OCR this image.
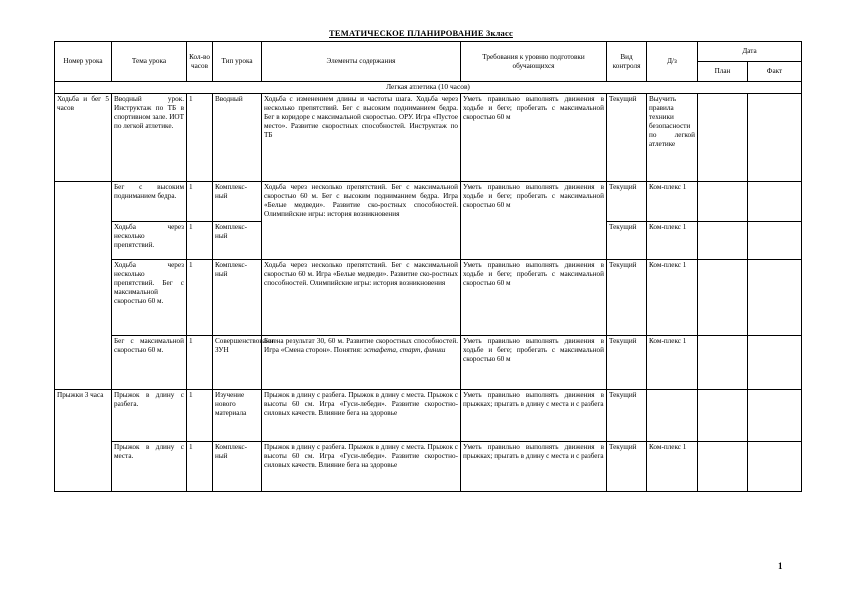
ТЕМАТИЧЕСКОЕ ПЛАНИРОВАНИЕ 3класс
Номер урока	Тема урока	Кол-во часов	Тип урока	Элементы содержания	Требования к уровню подготовки обучающихся	Вид контроля	Д/з	Дата	
								План	Факт
Легкая атлетика (10 часов)									
Ходьба и бег 5 часов	Вводный урок. Инструктаж по ТБ в спортивном зале. ИОТ по легкой атлетике.	1	Вводный	Ходьба с изменением длины и частоты шага. Ходьба через несколько препятствий. Бег с высоким подниманием бедра. Бег в коридоре с максимальной скоростью. ОРУ. Игра «Пустое место». Развитие скоростных способностей. Инструктаж по ТБ	Уметь правильно выполнять движения в ходьбе и беге; пробегать с максимальной скоростью 60 м	Текущий	Выучить правила техники безопасности по легкой атлетике		
	Бег с высоким подниманием бедра.	1	Комплекс-ный	Ходьба через несколько препятствий. Бег с максимальной скоростью 60 м. Бег с высоким подниманием бедра. Игра «Белые медведи». Развитие ско-ростных способностей. Олимпийские игры: история возникновения	Уметь правильно выполнять движения в ходьбе и беге; пробегать с максимальной скоростью 60 м	Текущий	Ком-плекс 1		
	Ходьба через несколько препятствий.	1	Комплекс-ный			Текущий	Ком-плекс 1		
	Ходьба через несколько препятствий. Бег с максимальной скоростью 60 м.	1	Комплекс-ный	Ходьба через несколько препятствий. Бег с максимальной скоростью 60 м. Игра «Белые медведи». Развитие ско-ростных способностей. Олимпийские игры: история возникновения	Уметь правильно выполнять движения в ходьбе и беге; пробегать с максимальной скоростью 60 м	Текущий	Ком-плекс 1		
	Бег с максимальной скоростью 60 м.	1	Совершенствование ЗУН	Бег на результат 30, 60 м. Развитие скоростных способностей. Игра «Смена сторон». Понятия: эстафета, старт, финиш	Уметь правильно выполнять движения в ходьбе и беге; пробегать с максимальной скоростью 60 м	Текущий	Ком-плекс 1		
Прыжки 3 часа	Прыжок в длину с разбега.	1	Изучение нового материала	Прыжок в длину с разбега. Прыжок в длину с места. Прыжок с высоты 60 см. Игра «Гуси-лебеди». Развитие скоростно-силовых качеств. Влияние бега на здоровье	Уметь правильно выполнять движения в прыжках; прыгать в длину с места и с разбега	Текущий			
	Прыжок в длину с места.	1	Комплекс-ный	Прыжок в длину с разбега. Прыжок в длину с места. Прыжок с высоты 60 см. Игра «Гуси-лебеди». Развитие скоростно-силовых качеств. Влияние бега на здоровье	Уметь правильно выполнять движения в прыжках; прыгать в длину с места и с разбега	Текущий	Ком-плекс 1		
1
